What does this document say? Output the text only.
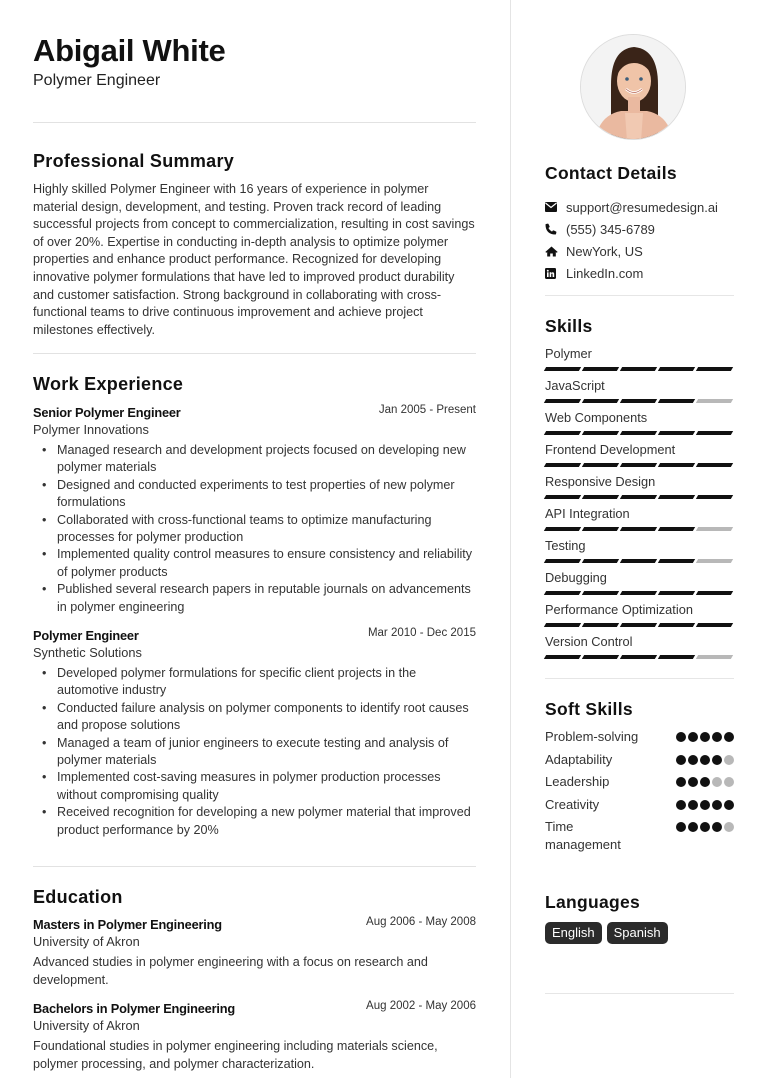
Abigail White
Polymer Engineer
Professional Summary
Highly skilled Polymer Engineer with 16 years of experience in polymer material design, development, and testing. Proven track record of leading successful projects from concept to commercialization, resulting in cost savings of over 20%. Expertise in conducting in-depth analysis to optimize polymer properties and enhance product performance. Recognized for developing innovative polymer formulations that have led to improved product durability and customer satisfaction. Strong background in collaborating with cross-functional teams to drive continuous improvement and achieve project milestones effectively.
Work Experience
Senior Polymer Engineer	Jan 2005 - Present
Polymer Innovations
• Managed research and development projects focused on developing new polymer materials
• Designed and conducted experiments to test properties of new polymer formulations
• Collaborated with cross-functional teams to optimize manufacturing processes for polymer production
• Implemented quality control measures to ensure consistency and reliability of polymer products
• Published several research papers in reputable journals on advancements in polymer engineering
Polymer Engineer	Mar 2010 - Dec 2015
Synthetic Solutions
• Developed polymer formulations for specific client projects in the automotive industry
• Conducted failure analysis on polymer components to identify root causes and propose solutions
• Managed a team of junior engineers to execute testing and analysis of polymer materials
• Implemented cost-saving measures in polymer production processes without compromising quality
• Received recognition for developing a new polymer material that improved product performance by 20%
Education
Masters in Polymer Engineering	Aug 2006 - May 2008
University of Akron
Advanced studies in polymer engineering with a focus on research and development.
Bachelors in Polymer Engineering	Aug 2002 - May 2006
University of Akron
Foundational studies in polymer engineering including materials science, polymer processing, and polymer characterization.
Contact Details
support@resumedesign.ai
(555) 345-6789
NewYork, US
LinkedIn.com
Skills
Polymer
JavaScript
Web Components
Frontend Development
Responsive Design
API Integration
Testing
Debugging
Performance Optimization
Version Control
Soft Skills
Problem-solving
Adaptability
Leadership
Creativity
Time management
Languages
English	Spanish
